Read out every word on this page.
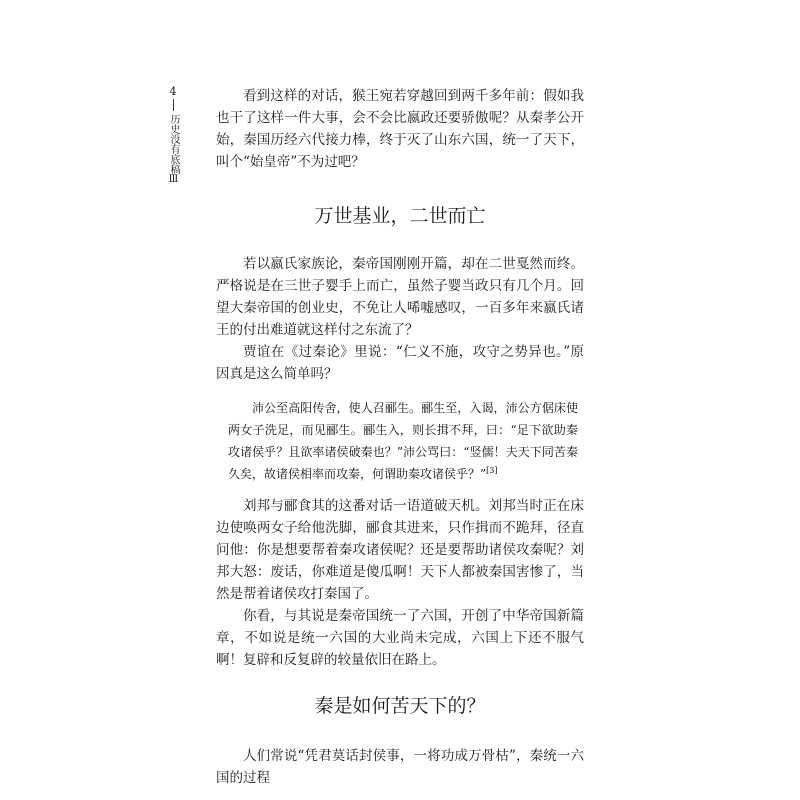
4
历史没有底稿Ⅲ

看到这样的对话，猴王宛若穿越回到两千多年前：假如我也干了这样一件大事，会不会比嬴政还要骄傲呢？从秦孝公开始，秦国历经六代接力棒，终于灭了山东六国，统一了天下，叫个“始皇帝”不为过吧？

万世基业，二世而亡

若以嬴氏家族论，秦帝国刚刚开篇，却在二世戛然而终。严格说是在三世子婴手上而亡，虽然子婴当政只有几个月。回望大秦帝国的创业史，不免让人唏嘘感叹，一百多年来嬴氏诸王的付出难道就这样付之东流了？

贾谊在《过秦论》里说：“仁义不施，攻守之势异也。”原因真是这么简单吗？

沛公至高阳传舍，使人召郦生。郦生至，入谒，沛公方倨床使两女子洗足，而见郦生。郦生入，则长揖不拜，曰：“足下欲助秦攻诸侯乎？且欲率诸侯破秦也？”沛公骂曰：“竖儒！夫天下同苦秦久矣，故诸侯相率而攻秦，何谓助秦攻诸侯乎？”[3]

刘邦与郦食其的这番对话一语道破天机。刘邦当时正在床边使唤两女子给他洗脚，郦食其进来，只作揖而不跪拜，径直问他：你是想要帮着秦攻诸侯呢？还是要帮助诸侯攻秦呢？刘邦大怒：废话，你难道是傻瓜啊！天下人都被秦国害惨了，当然是帮着诸侯攻打秦国了。

你看，与其说是秦帝国统一了六国，开创了中华帝国新篇章，不如说是统一六国的大业尚未完成，六国上下还不服气啊！复辟和反复辟的较量依旧在路上。

秦是如何苦天下的？

人们常说“凭君莫话封侯事，一将功成万骨枯”，秦统一六国的过程
